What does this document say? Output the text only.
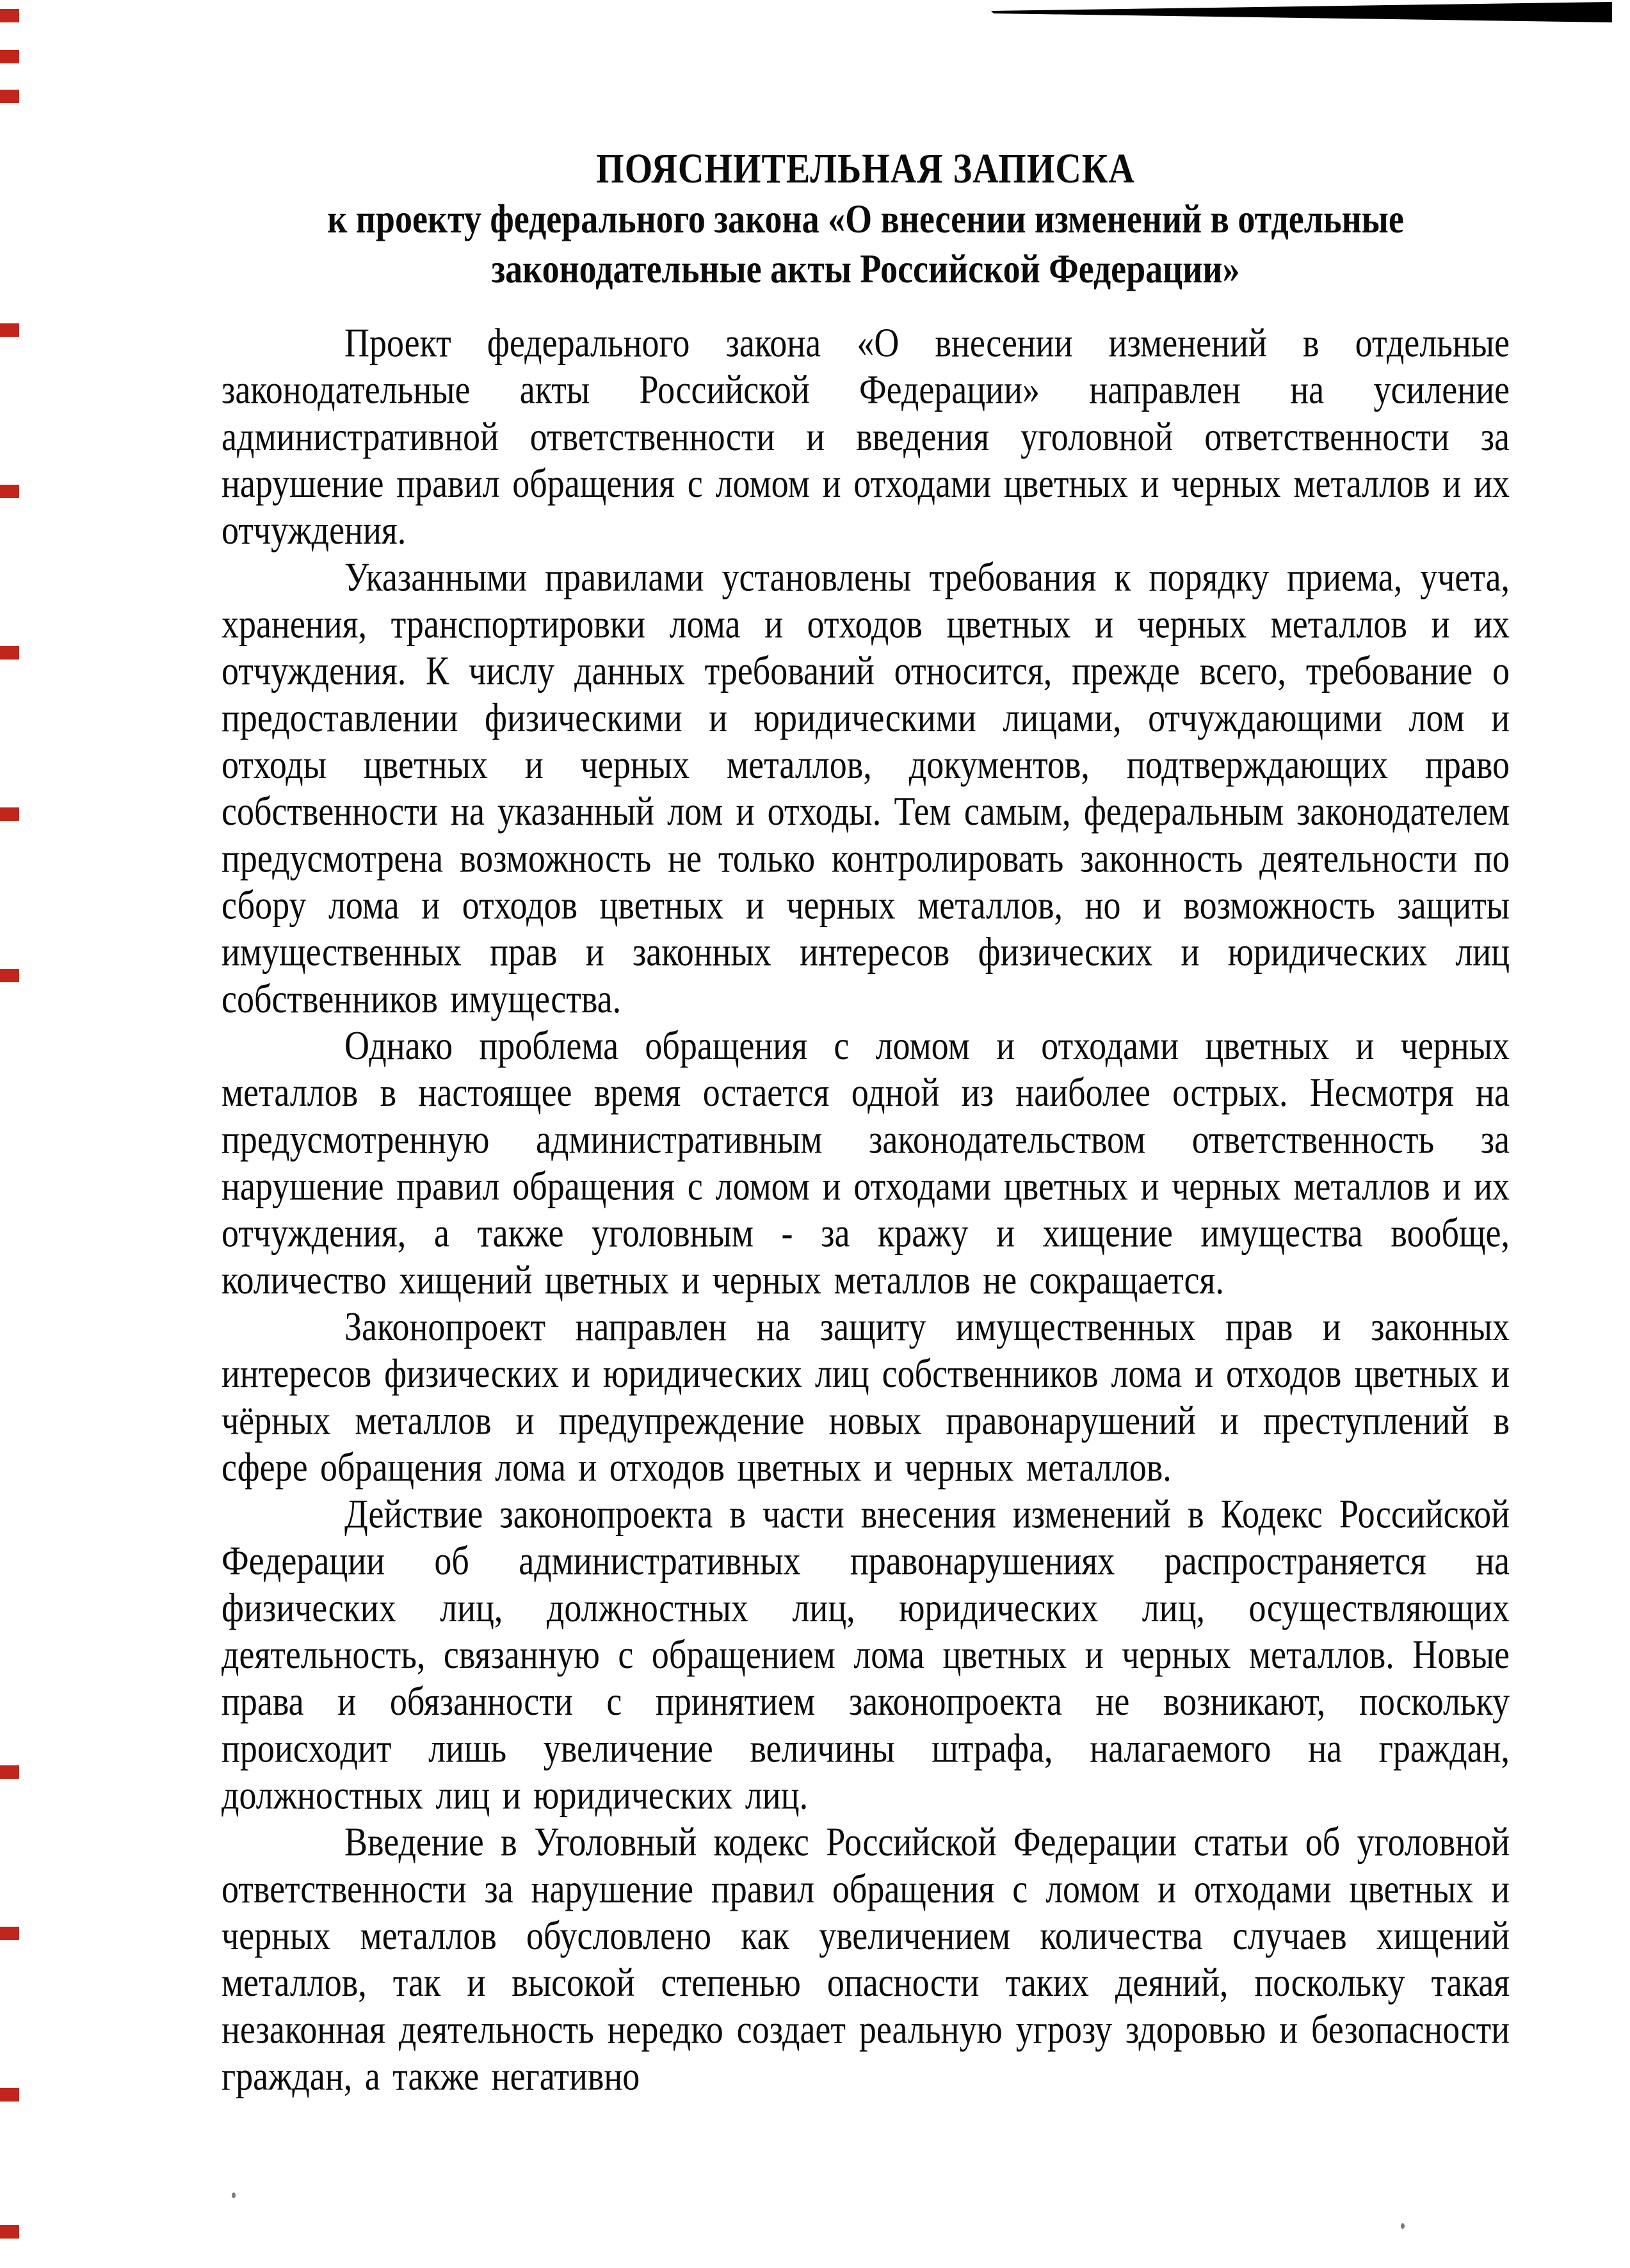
ПОЯСНИТЕЛЬНАЯ ЗАПИСКА
к проекту федерального закона «О внесении изменений в отдельные законодательные акты Российской Федерации»

Проект федерального закона «О внесении изменений в отдельные законодательные акты Российской Федерации» направлен на усиление административной ответственности и введения уголовной ответственности за нарушение правил обращения с ломом и отходами цветных и черных металлов и их отчуждения.

Указанными правилами установлены требования к порядку приема, учета, хранения, транспортировки лома и отходов цветных и черных металлов и их отчуждения. К числу данных требований относится, прежде всего, требование о предоставлении физическими и юридическими лицами, отчуждающими лом и отходы цветных и черных металлов, документов, подтверждающих право собственности на указанный лом и отходы. Тем самым, федеральным законодателем предусмотрена возможность не только контролировать законность деятельности по сбору лома и отходов цветных и черных металлов, но и возможность защиты имущественных прав и законных интересов физических и юридических лиц собственников имущества.

Однако проблема обращения с ломом и отходами цветных и черных металлов в настоящее время остается одной из наиболее острых. Несмотря на предусмотренную административным законодательством ответственность за нарушение правил обращения с ломом и отходами цветных и черных металлов и их отчуждения, а также уголовным - за кражу и хищение имущества вообще, количество хищений цветных и черных металлов не сокращается.

Законопроект направлен на защиту имущественных прав и законных интересов физических и юридических лиц собственников лома и отходов цветных и чёрных металлов и предупреждение новых правонарушений и преступлений в сфере обращения лома и отходов цветных и черных металлов.

Действие законопроекта в части внесения изменений в Кодекс Российской Федерации об административных правонарушениях распространяется на физических лиц, должностных лиц, юридических лиц, осуществляющих деятельность, связанную с обращением лома цветных и черных металлов. Новые права и обязанности с принятием законопроекта не возникают, поскольку происходит лишь увеличение величины штрафа, налагаемого на граждан, должностных лиц и юридических лиц.

Введение в Уголовный кодекс Российской Федерации статьи об уголовной ответственности за нарушение правил обращения с ломом и отходами цветных и черных металлов обусловлено как увеличением количества случаев хищений металлов, так и высокой степенью опасности таких деяний, поскольку такая незаконная деятельность нередко создает реальную угрозу здоровью и безопасности граждан, а также негативно
